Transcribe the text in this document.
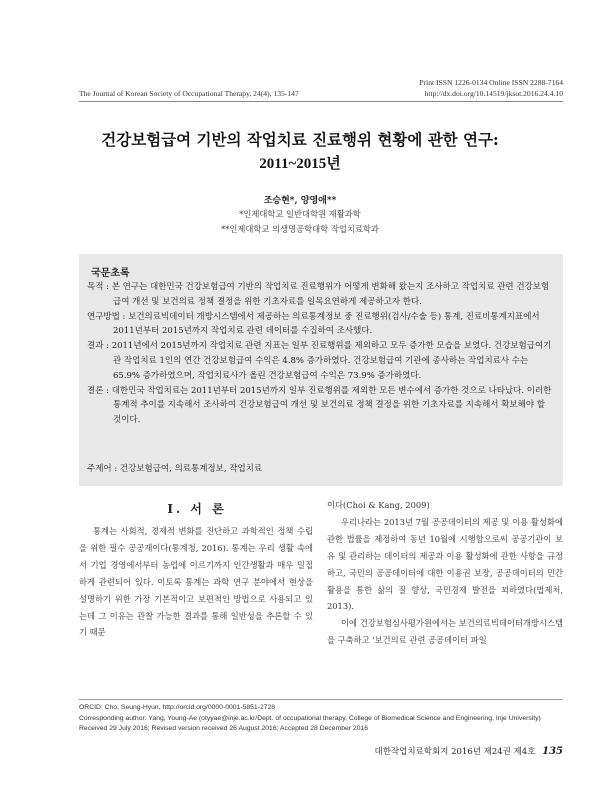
Print ISSN 1226-0134 Online ISSN 2288-7164
The Journal of Korean Society of Occupational Therapy, 24(4), 135-147	http://dx.doi.org/10.14519/jksot.2016.24.4.10
건강보험급여 기반의 작업치료 진료행위 현황에 관한 연구:
2011~2015년
조승현*, 양영애**
*인제대학교 일반대학원 재활과학
**인제대학교 의생명공학대학 작업치료학과
국문초록

목적 : 본 연구는 대한민국 건강보험급여 기반의 작업치료 진료행위가 어떻게 변화해 왔는지 조사하고 작업치료 관련 건강보험급여 개선 및 보건의료 정책 결정을 위한 기초자료를 일목요연하게 제공하고자 한다.

연구방법 : 보건의료빅데이터 개방시스템에서 제공하는 의료통계정보 중 진료행위(검사/수술 등) 통계, 진료비통계지표에서 2011년부터 2015년까지 작업치료 관련 데이터를 수집하여 조사했다.

결과 : 2011년에서 2015년까지 작업치료 관련 지표는 일부 진료행위를 제외하고 모두 증가한 모습을 보였다. 건강보험급여기관 작업치료 1인의 연간 건강보험급여 수익은 4.8% 증가하였다. 건강보험급여 기관에 종사하는 작업치료사 수는 65.9% 증가하였으며, 작업치료사가 올린 건강보험급여 수익은 73.9% 증가하였다.

결론 : 대한민국 작업치료는 2011년부터 2015년까지 일부 진료행위를 제외한 모든 변수에서 증가한 것으로 나타났다. 이러한 통계적 추이를 지속해서 조사하여 건강보험급여 개선 및 보건의료 정책 결정을 위한 기초자료를 지속해서 확보해야 할 것이다.

주제어 : 건강보험급여, 의료통계정보, 작업치료
Ⅰ. 서 론

통계는 사회적, 경제적 변화를 진단하고 과학적인 정책 수립을 위한 필수 공공재이다(통계청, 2016). 통계는 우리 생활 속에서 기업 경영에서부터 농업에 이르기까지 인간생활과 매우 밀접하게 관련되어 있다. 이토록 통계는 과학 연구 분야에서 현상을 설명하기 위한 가장 기본적이고 보편적인 방법으로 사용되고 있는데 그 이유는 관찰 가능한 결과를 통해 일반성을 추론할 수 있기 때문

이다(Choi & Kang, 2009)

우리나라는 2013년 7월 공공데이터의 제공 및 이용 활성화에 관한 법률을 제정하여 동년 10월에 시행함으로써 공공기관이 보유 및 관리하는 데이터의 제공과 이용 활성화에 관한 사항을 규정하고, 국민의 공공데이터에 대한 이용권 보장, 공공데이터의 민간 활용을 통한 삶의 질 향상, 국민경제 발전을 꾀하였다(법제처, 2013).

이에 건강보험심사평가원에서는 보건의료빅데이터개방시스템을 구축하고 '보건의료 관련 공공데이터 파일

ORCID: Cho, Seung-Hyun, http://orcid.org/0000-0001-5851-2728
Corresponding author: Yang, Young-Ae (otyyae@inje.ac.kr/Dept. of occupational therapy, College of Biomedical Science and Engineering, Inje University)
Received 29 July 2016; Revised version received 26 August 2016; Accepted 28 December 2016
대한작업치료학회지 2016년 제24권 제4호 135
